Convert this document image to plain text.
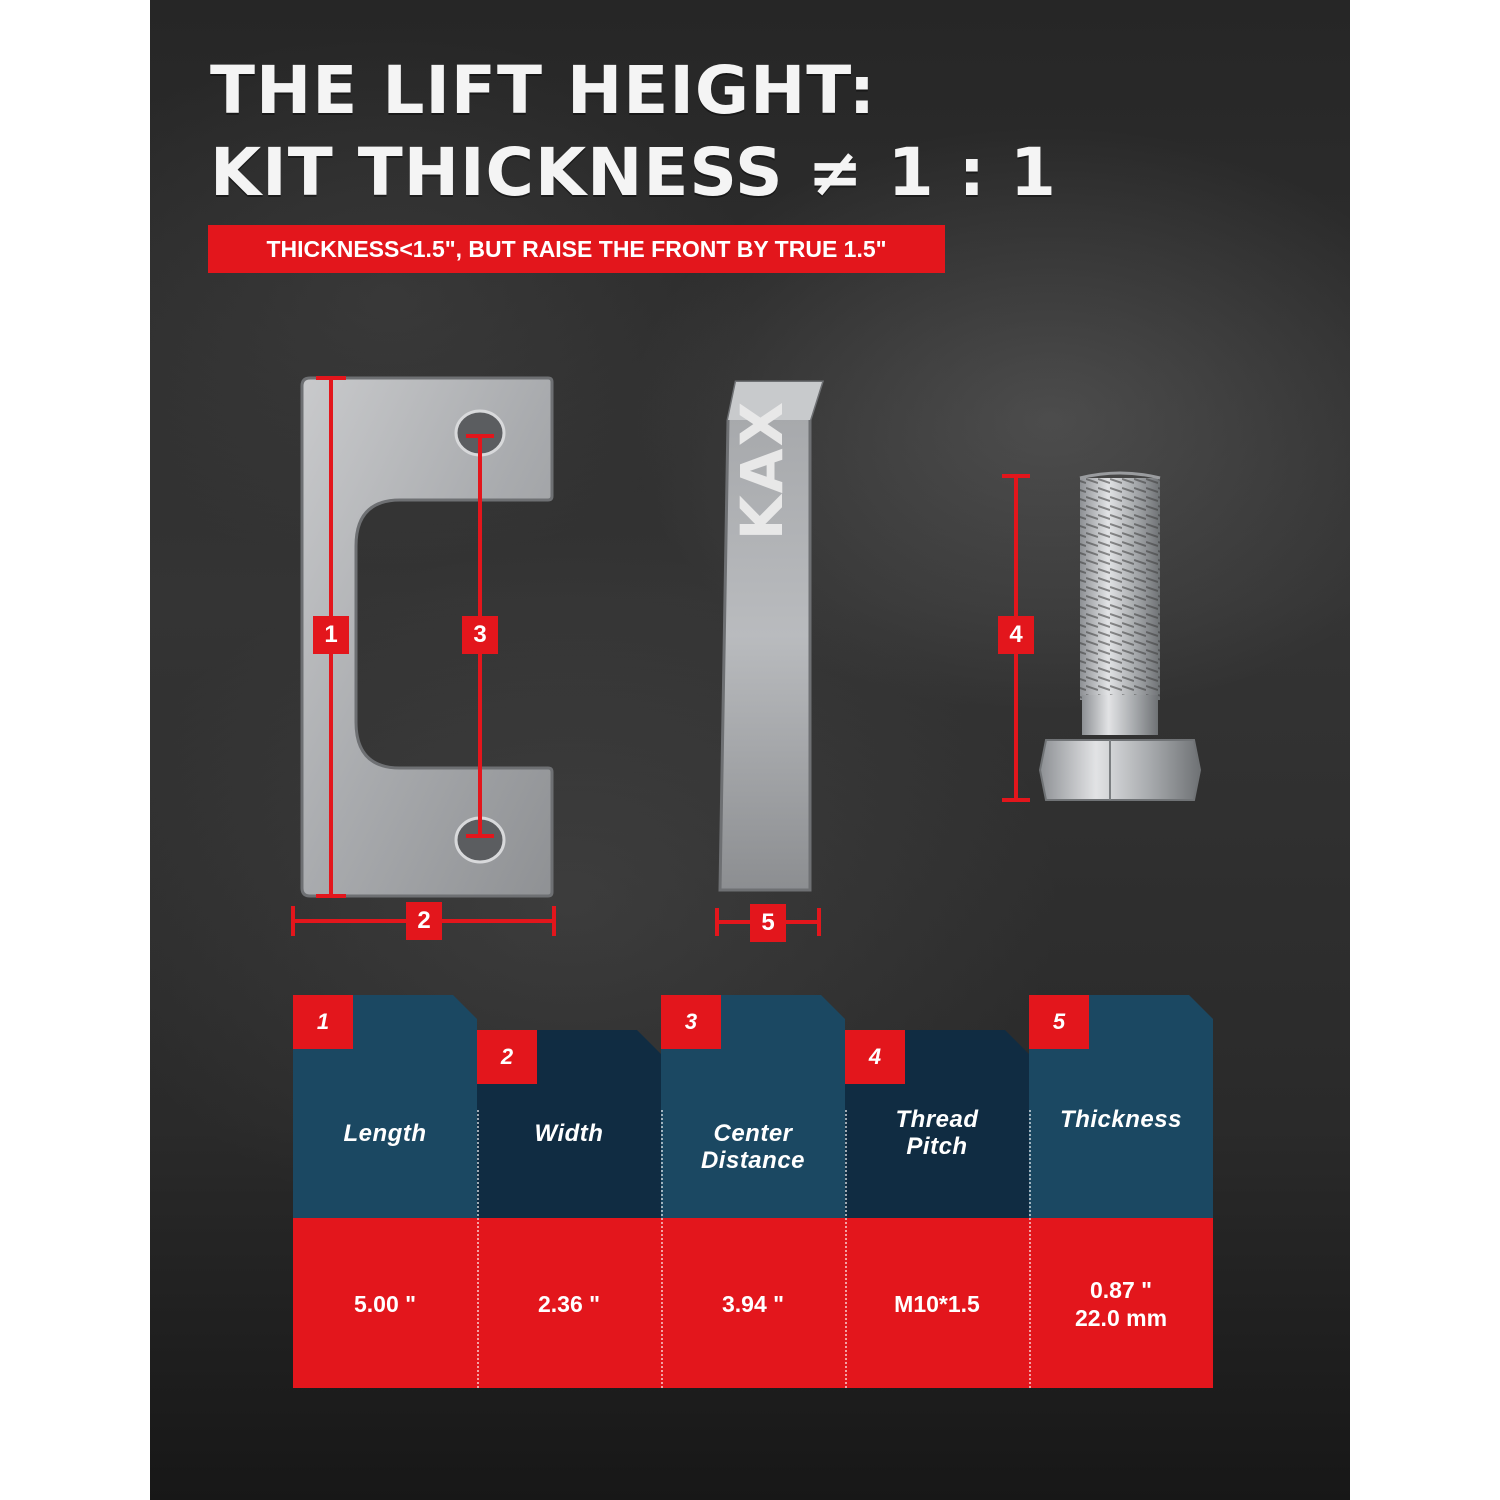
THE LIFT HEIGHT:
KIT THICKNESS ≠ 1 : 1
THICKNESS<1.5", BUT RAISE THE FRONT BY TRUE 1.5"
KAX
1
2
3	4
5
1
Length
5.00 "
2
Width
2.36 "
3
Center Distance
3.94 "
4
Thread Pitch
M10*1.5
5
Thickness
0.87 "
22.0 mm
